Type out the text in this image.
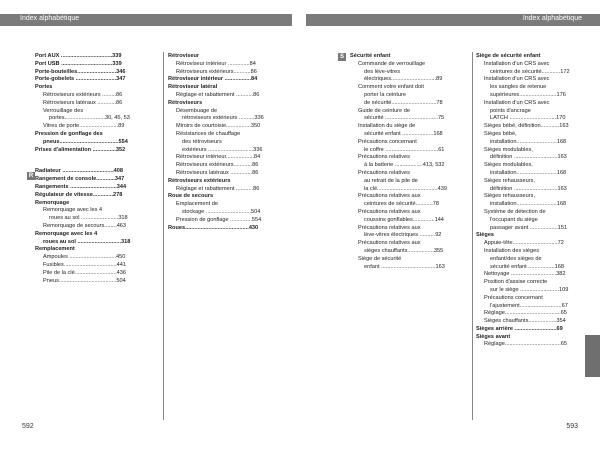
Index alphabétique	Index alphabétique
R
S
Port AUX .................................339
Port USB .................................339
Porte-bouteilles.........................346
Porte-gobelets ..........................347
Portes
Rétroviseurs extérieurs .........86
Rétroviseurs latéraux ............86
Verrouillage des
portes..........................30, 45, 53
Vitres de porte.........................89
Pression de gonflage des
pneus......................................554
Prises d'alimentation ...............352
Radiateur .................................408
Rangement de console............347
Rangements ..............................344
Régulateur de vitesse.............278
Remorquage
Remorquage avec les 4
roues au sol ........................318
Remorquage de secours........463
Remorquage avec les 4
roues au sol ............................318
Remplacement
Ampoules ..............................450
Fusibles..................................441
Pile de la clé...........................436
Pneus.....................................504
Rétroviseur
Rétroviseur intérieur ..............84
Rétroviseurs extérieurs...........86
Rétroviseur intérieur .................84
Rétroviseur latéral
Réglage et rabattement ...........86
Rétroviseurs
Désembuage de
rétroviseurs extérieurs ..........336
Miroirs de courtoisie................350
Résistances de chauffage
des rétroviseurs
extérieurs .............................336
Rétroviseur intérieur..................84
Rétroviseurs extérieurs............86
Rétroviseurs latéraux ..............86
Rétroviseurs extérieurs
Réglage et rabattement ...........86
Roue de secours
Emplacement de
stockage .............................504
Pression de gonflage ..............554
Roues.........................................430
Sécurité enfant
Commande de verrouillage
des lève-vitres
électriques.............................89
Comment votre enfant doit
porter la ceinture
de sécurité.............................78
Guide de ceinture de
sécurité ..................................75
Installation du siège de
sécurité enfant ....................168
Précautions concernant
le coffre ..................................61
Précautions relatives
à la batterie ..................413, 532
Précautions relatives
au retrait de la pile de
la clé.......................................439
Précautions relatives aux
ceintures de sécurité...........78
Précautions relatives aux
coussins gonflables..............144
Précautions relatives aux
lève-vitres électriques ..........92
Précautions relatives aux
sièges chauffants.................355
Siège de sécurité
enfant ...................................163
Siège de sécurité enfant
Installation d'un CRS avec
ceintures de sécurité............172
Installation d'un CRS avec
les sangles de retenue
supérieures........................176
Installation d'un CRS avec
points d'ancrage
LATCH ..............................170
Sièges bébé, définition............163
Sièges bébé,
installation..........................168
Sièges modulables,
définition ............................163
Sièges modulables,
installation..........................168
Sièges rehausseurs,
définition ............................163
Sièges rehausseurs,
installation..........................168
Système de détection de
l'occupant du siège
passager avant ..................151
Sièges
Appuie-tête.............................72
Installation des sièges
enfant/des sièges de
sécurité enfant .................168
Nettoyage .............................382
Position d'assise correcte
sur le siège .........................109
Précautions concernant
l'ajustement...........................67
Réglage....................................65
Sièges chauffants..................354
Sièges arrière ...........................69
Sièges avant
Réglage....................................65
592	593
